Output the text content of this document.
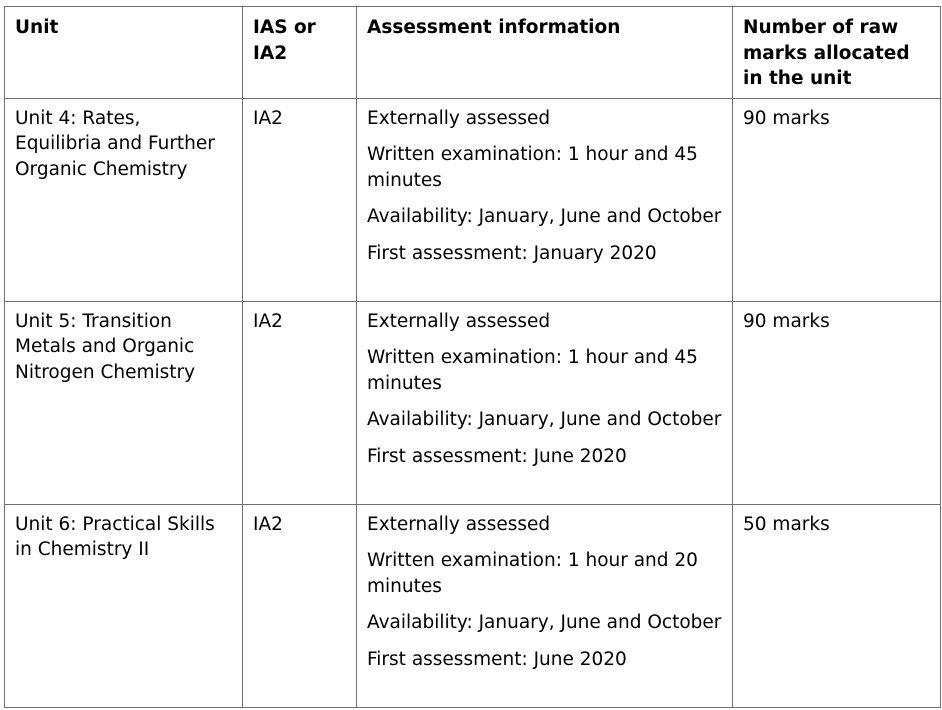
Unit	IAS or IA2	Assessment information	Number of raw marks allocated in the unit
Unit 4: Rates, Equilibria and Further Organic Chemistry	IA2	Externally assessed
Written examination: 1 hour and 45 minutes
Availability: January, June and October
First assessment: January 2020	90 marks
Unit 5: Transition Metals and Organic Nitrogen Chemistry	IA2	Externally assessed
Written examination: 1 hour and 45 minutes
Availability: January, June and October
First assessment: June 2020	90 marks
Unit 6: Practical Skills in Chemistry II	IA2	Externally assessed
Written examination: 1 hour and 20 minutes
Availability: January, June and October
First assessment: June 2020	50 marks
